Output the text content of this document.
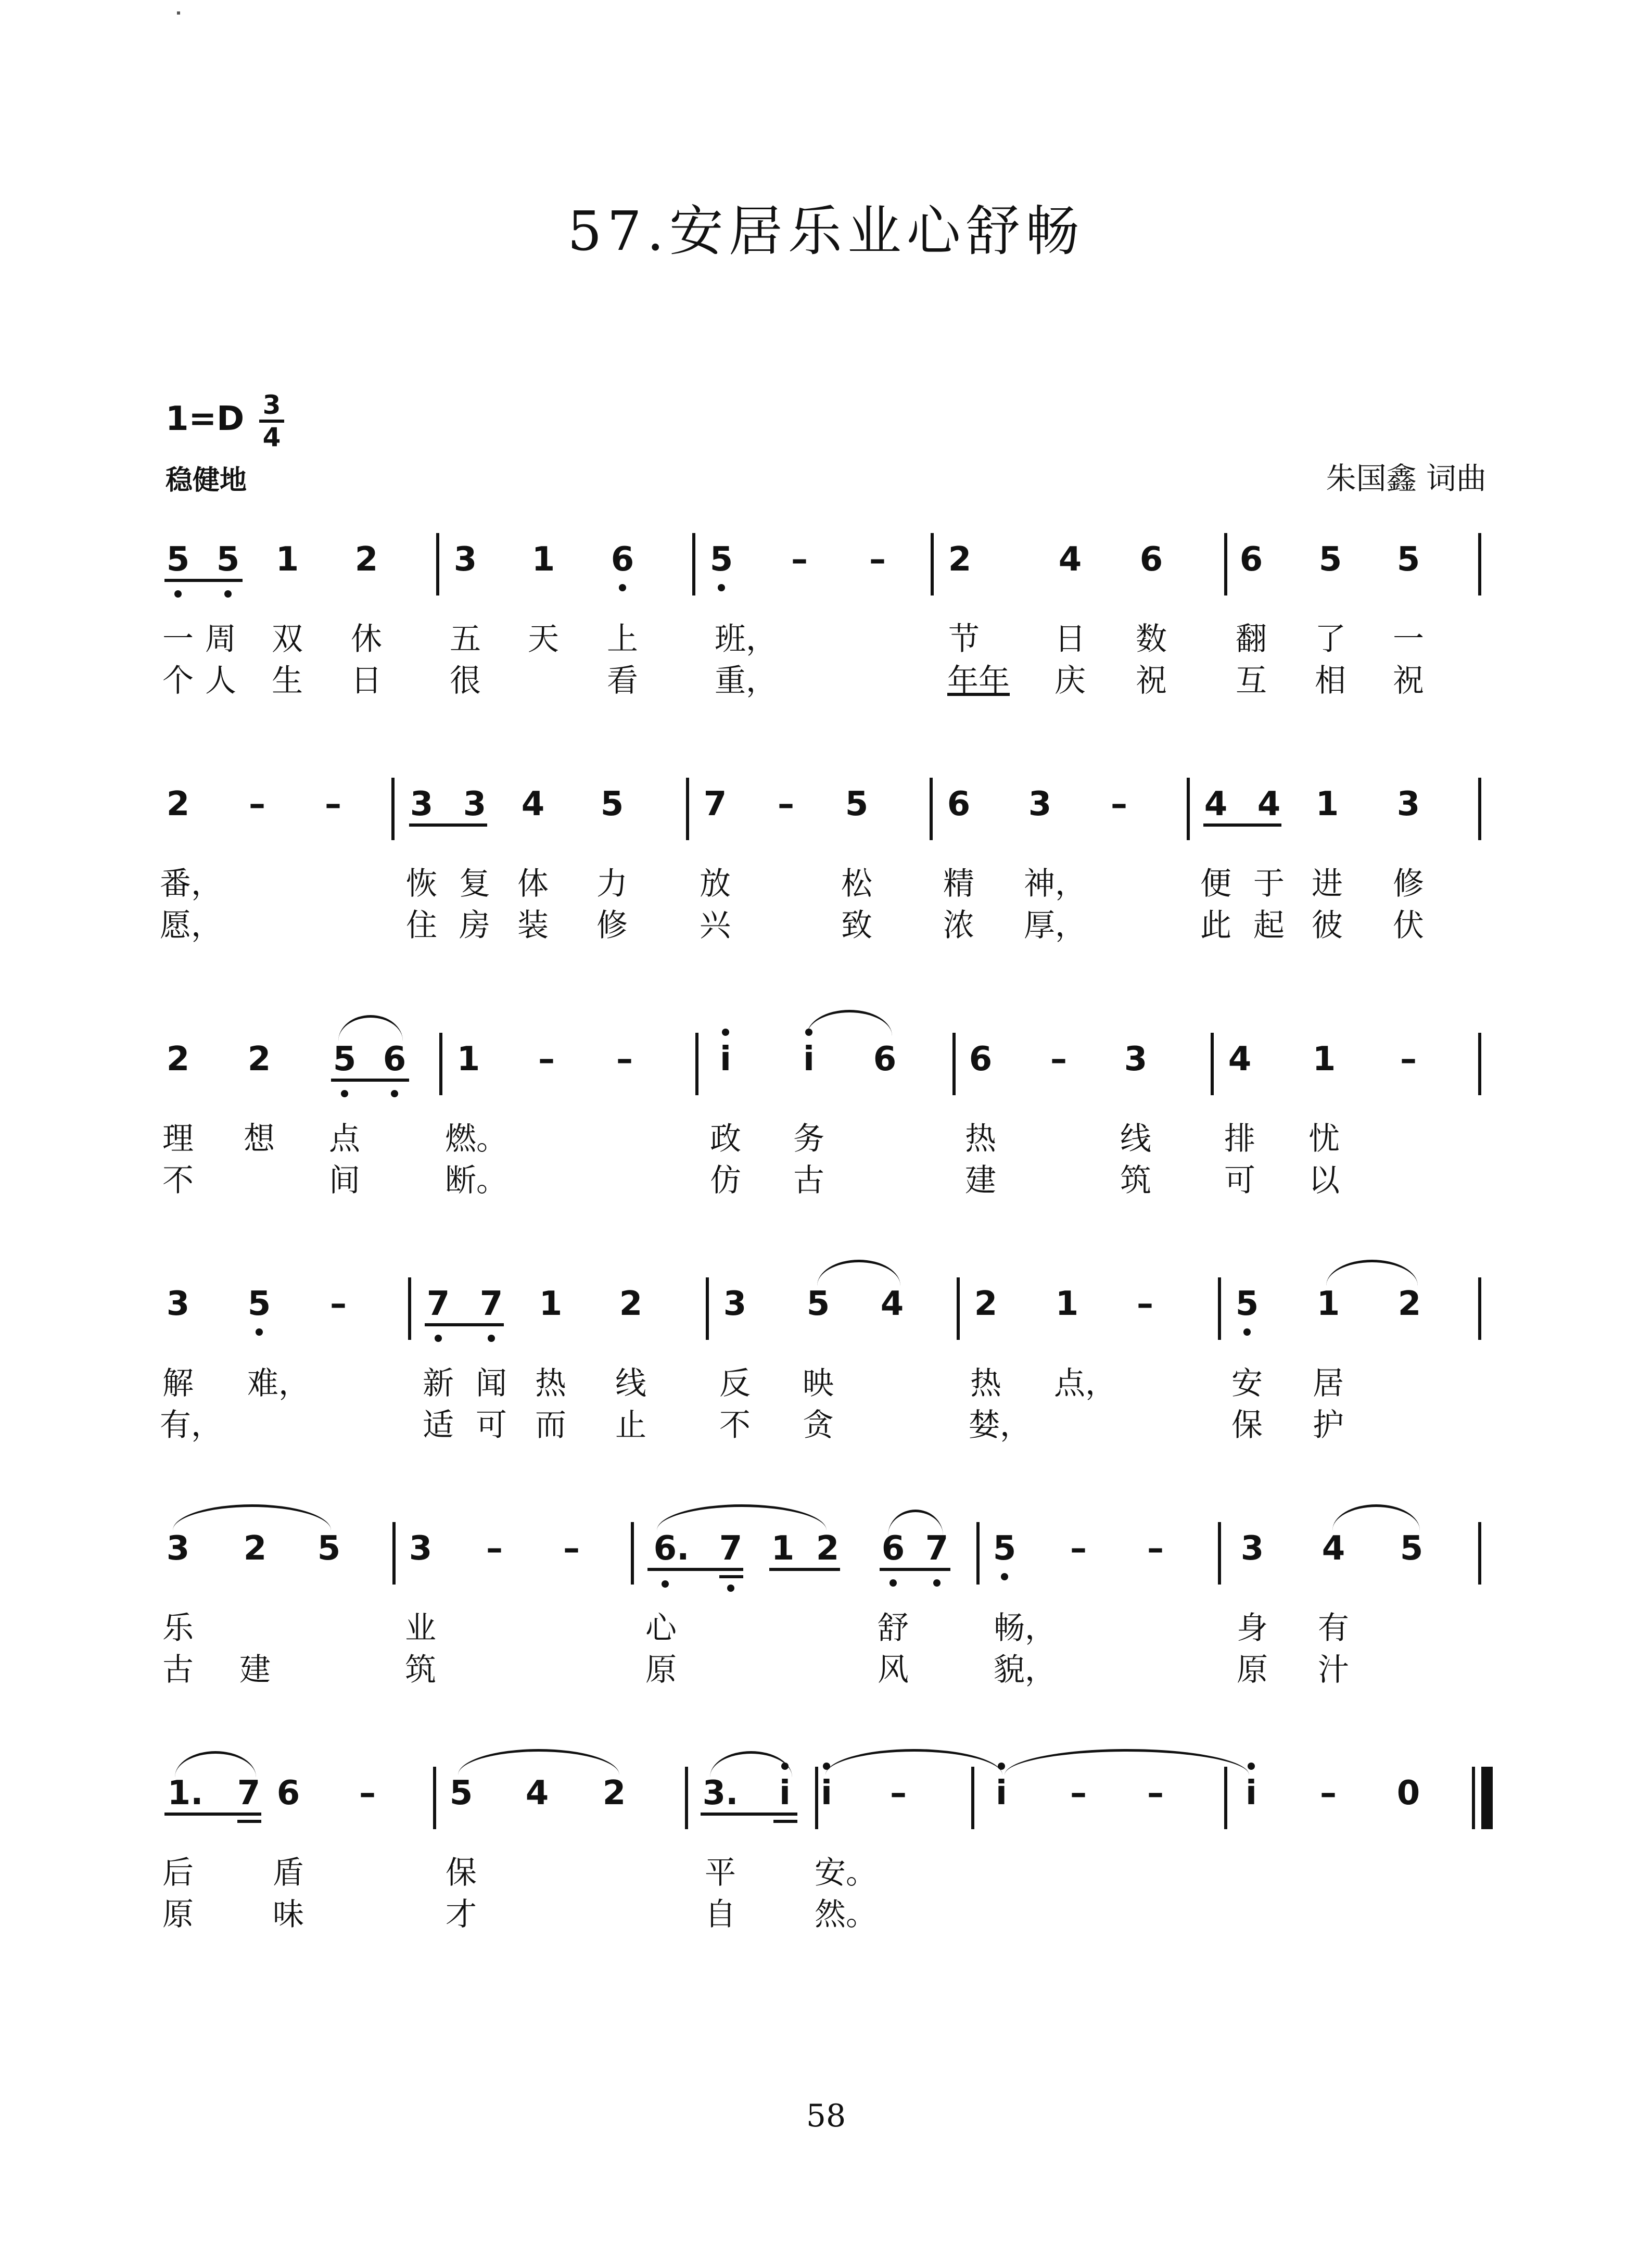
57.安居乐业心舒畅
1=D 3
4
稳健地	朱国鑫 词曲
5 5	1	2	3	1	6	5	–	–	2	4	6	6	5	5
一 周 双 休 五 天 上 班，	节 日 数 翻 了 一
个 人 生 日 很	看 重，	年年 庆 祝 互 相 祝
2	–	–	3 3	4	5	7	–	5	6	3	–	4 4	1	3
番，	恢 复 体 力 放	松 精 神，	便 于 进 修
愿，	住 房 装 修 兴	致 浓 厚，	此 起 彼 伏
2	2	5 6	1	–	–	i	i	6	6	–	3	4	1	–
理 想 点	燃。	政 务	热	线 排 忧
不	间	断。	仿 古	建	筑 可 以
3	5	–	7 7	1	2	3	5	4	2	1	–	5	1	2
解 难，	新 闻 热 线 反 映	热 点，	安 居
有，	适 可 而 止 不 贪	婪，	保 护
3	2	5	3	–	–	6. 7 1 2	6 7	5	–	–	3	4	5
乐	业	心	舒	畅，	身 有
古 建	筑	原	风	貌，	原 汁
1.	7 6	–	5	4	2	3.	i i	–	i	–	–	i	–	0
后	盾	保	平	安。
原	味	才	自	然。
58
